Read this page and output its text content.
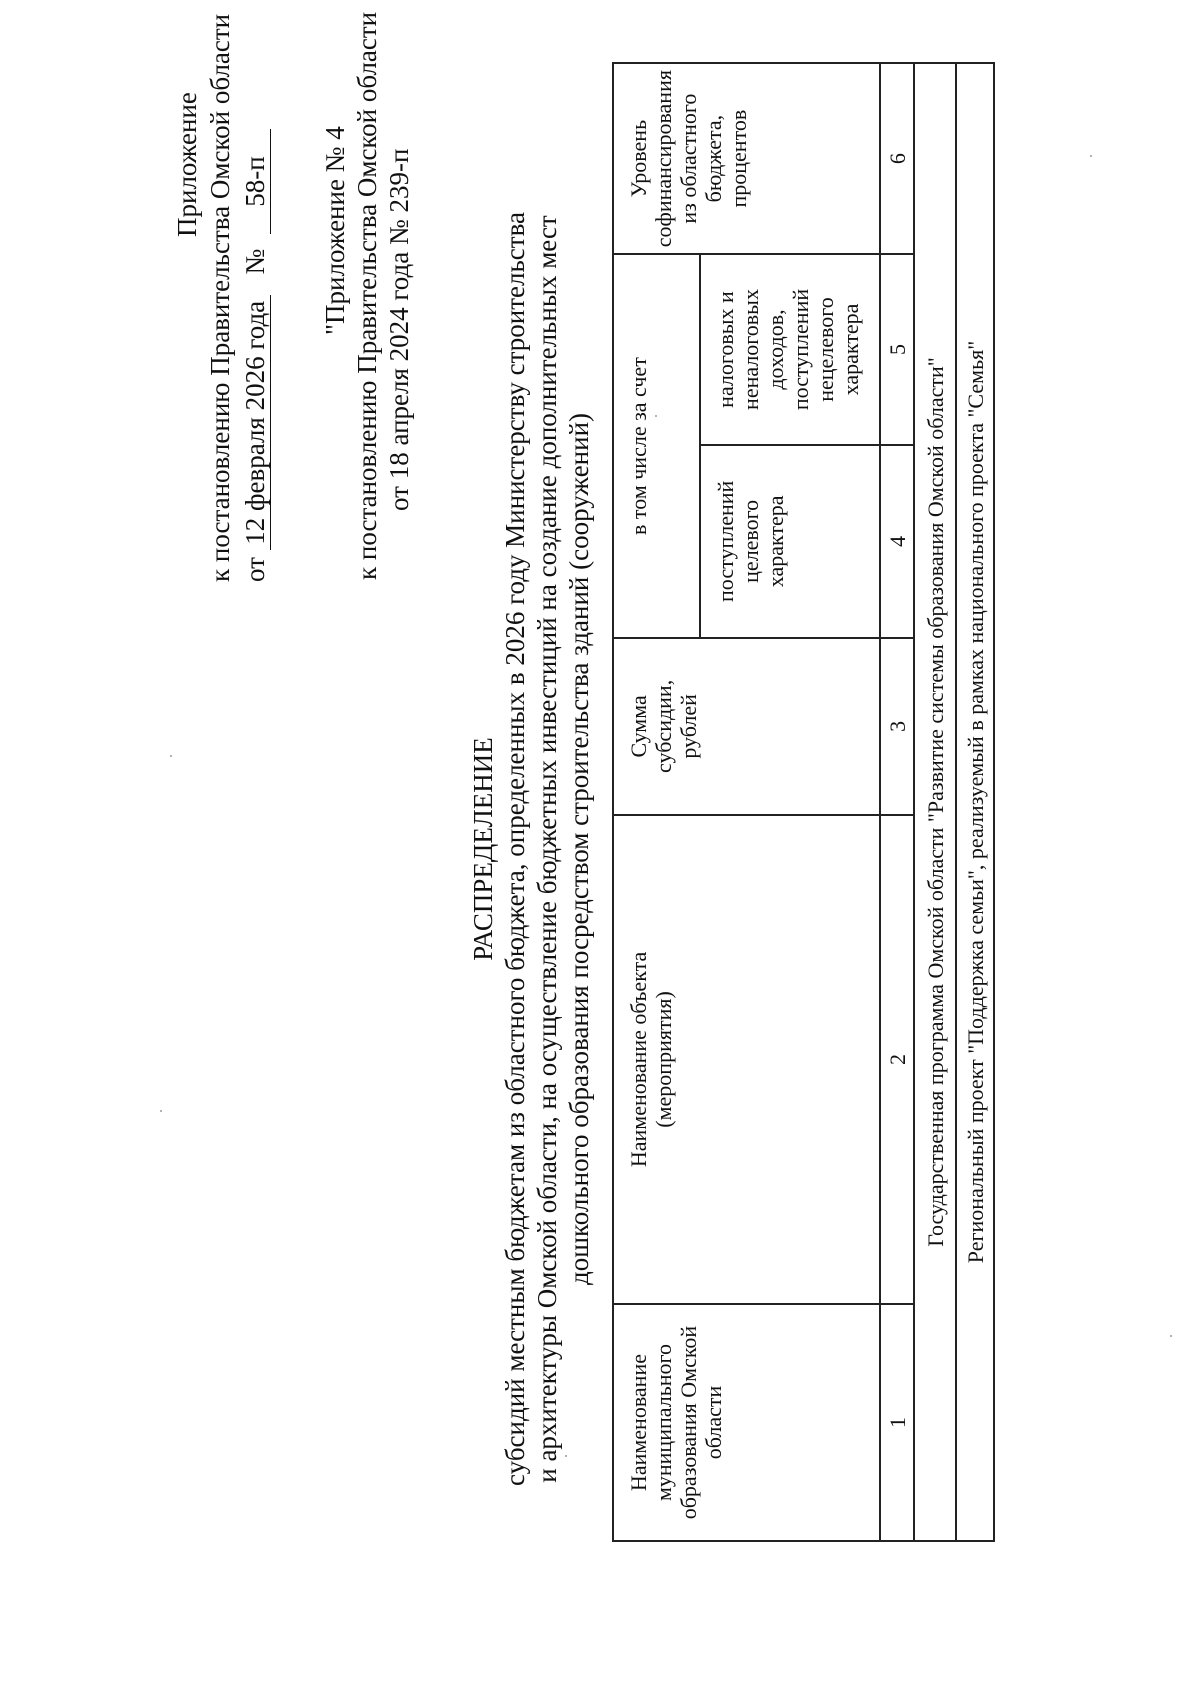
Приложение к постановлению Правительства Омской области от 12 февраля 2026 года № 58-п "Приложение № 4 к постановлению Правительства Омской области от 18 апреля 2024 года № 239-п
РАСПРЕДЕЛЕНИЕ субсидий местным бюджетам из областного бюджета, определенных в 2026 году Министерству строительства и архитектуры Омской области, на осуществление бюджетных инвестиций на создание дополнительных мест дошкольного образования посредством строительства зданий (сооружений)
Наименование муниципального образования Омской области	Наименование объекта (мероприятия)	Сумма субсидии, рублей	в том числе за счет		Уровень софинансирования из областного бюджета, процентов
			поступлений целевого характера	налоговых и неналоговых доходов, поступлений нецелевого характера	
1	2	3	4	5	6
Государственная программа Омской области "Развитие системы образования Омской области"					
Региональный проект "Поддержка семьи", реализуемый в рамках национального проекта "Семья"					
